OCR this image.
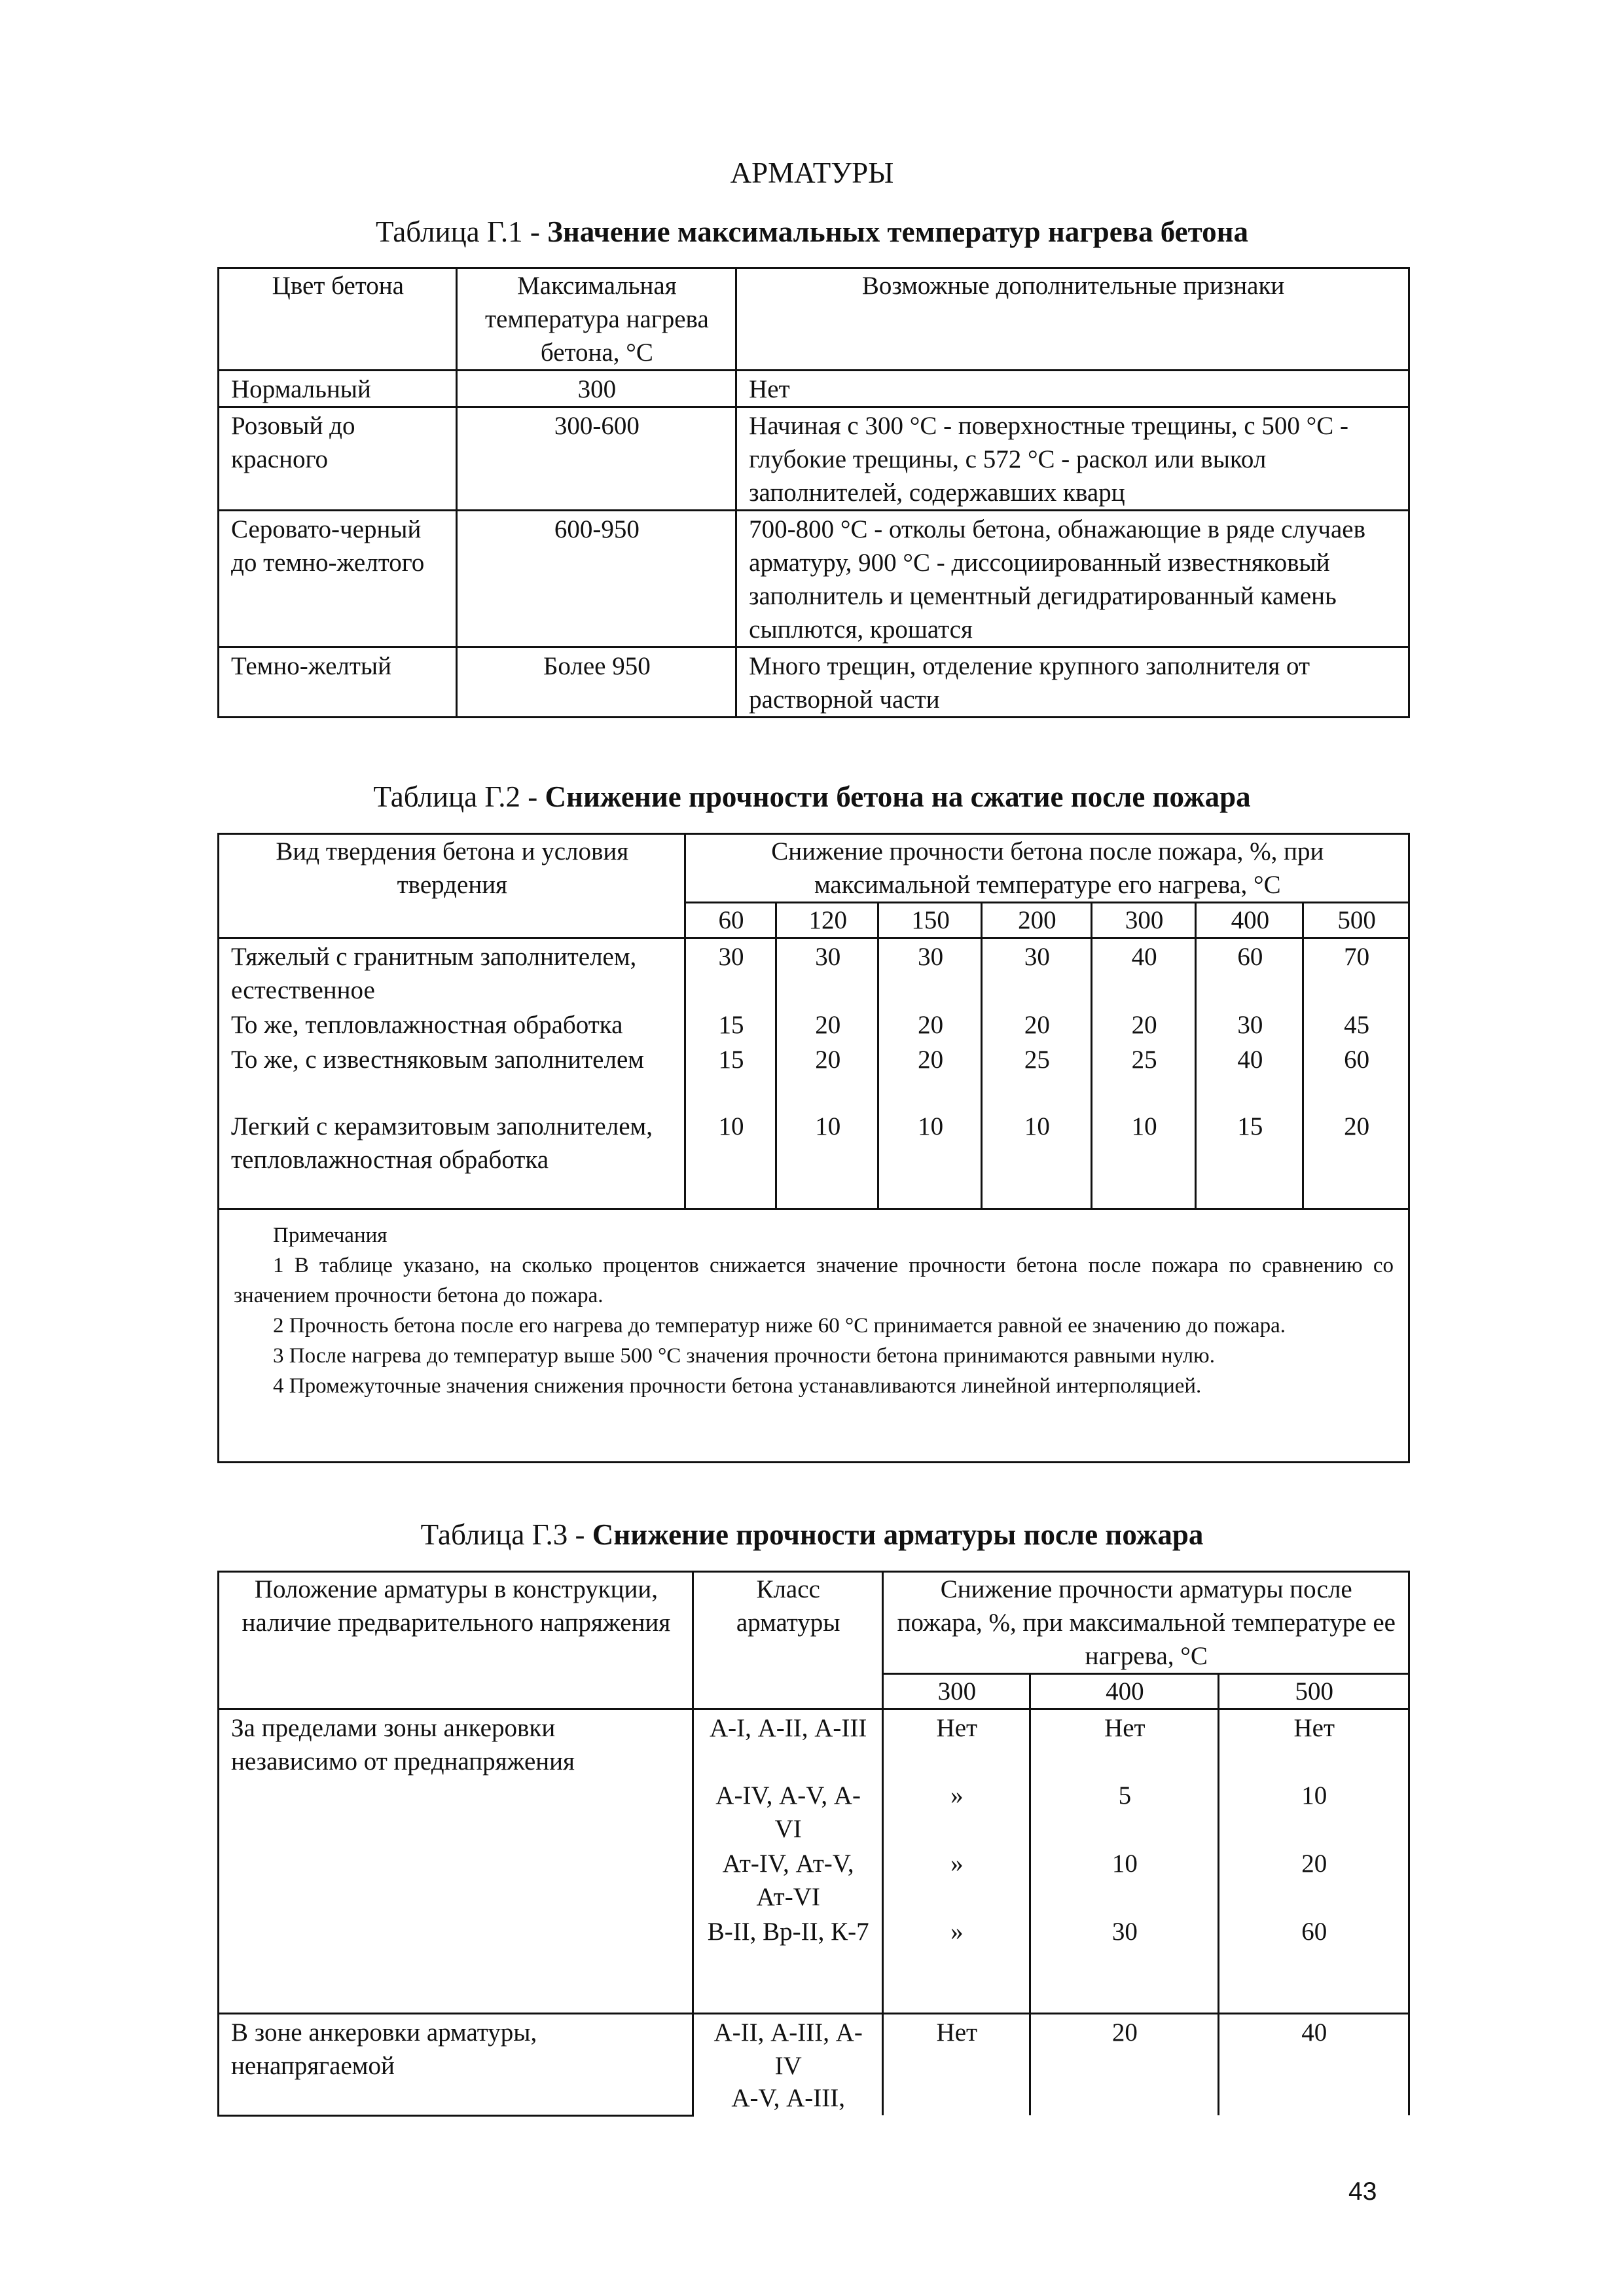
АРМАТУРЫ
Таблица Г.1 - Значение максимальных температур нагрева бетона
Цвет бетона	Максимальная температура нагрева бетона, °С	Возможные дополнительные признаки
Нормальный	300	Нет
Розовый до красного	300-600	Начиная с 300 °С - поверхностные трещины, с 500 °С - глубокие трещины, с 572 °С - раскол или выкол заполнителей, содержавших кварц
Серовато-черный до темно-желтого	600-950	700-800 °С - отколы бетона, обнажающие в ряде случаев арматуру, 900 °С - диссоциированный известняковый заполнитель и цементный дегидратированный камень сыплются, крошатся
Темно-желтый	Более 950	Много трещин, отделение крупного заполнителя от растворной части
Таблица Г.2 - Снижение прочности бетона на сжатие после пожара
Вид твердения бетона и условия твердения	Снижение прочности бетона после пожара, %, при максимальной температуре его нагрева, °С						
	60	120	150	200	300	400	500
Тяжелый с гранитным заполнителем, естественное	30	30	30	30	40	60	70
То же, тепловлажностная обработка	15	20	20	20	20	30	45
То же, с известняковым заполнителем	15	20	20	25	25	40	60
Легкий с керамзитовым заполнителем, тепловлажностная обработка	10	10	10	10	10	15	20

Примечания

1 В таблице указано, на сколько процентов снижается значение прочности бетона после пожара по сравнению со значением прочности бетона до пожара.

2 Прочность бетона после его нагрева до температур ниже 60 °С принимается равной ее значению до пожара.

3 После нагрева до температур выше 500 °С значения прочности бетона принимаются равными нулю.

4 Промежуточные значения снижения прочности бетона устанавливаются линейной интерполяцией.							

Таблица Г.3 - Снижение прочности арматуры после пожара
Положение арматуры в конструкции, наличие предварительного напряжения	Класс арматуры	Снижение прочности арматуры после пожара, %, при максимальной температуре ее нагрева, °С		
		300	400	500
За пределами зоны анкеровки независимо от преднапряжения	А-I, А-II, А-III	Нет	Нет	Нет
	А-IV, А-V, А-VI	»	5	10
	Ат-IV, Ат-V, Ат-VI	»	10	20
	В-II, Вр-II, К-7	»	30	60
В зоне анкеровки арматуры, ненапрягаемой	А-II, А-III, А-IV	Нет	20	40
	А-V, А-III,			
43
